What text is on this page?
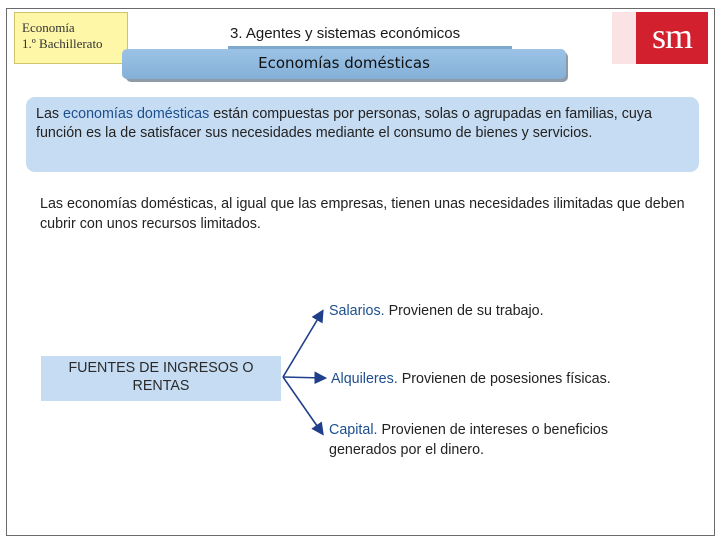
Economía
1.º Bachillerato
3. Agentes y sistemas económicos
Economías domésticas
sm
Las economías domésticas están compuestas por personas, solas o agrupadas en familias, cuya función es la de satisfacer sus necesidades mediante el consumo de bienes y servicios.
Las economías domésticas, al igual que las empresas, tienen unas necesidades ilimitadas que deben cubrir con unos recursos limitados.
FUENTES DE INGRESOS O RENTAS
Salarios. Provienen de su trabajo.
Alquileres. Provienen de posesiones físicas.
Capital. Provienen de intereses o beneficios generados por el dinero.
